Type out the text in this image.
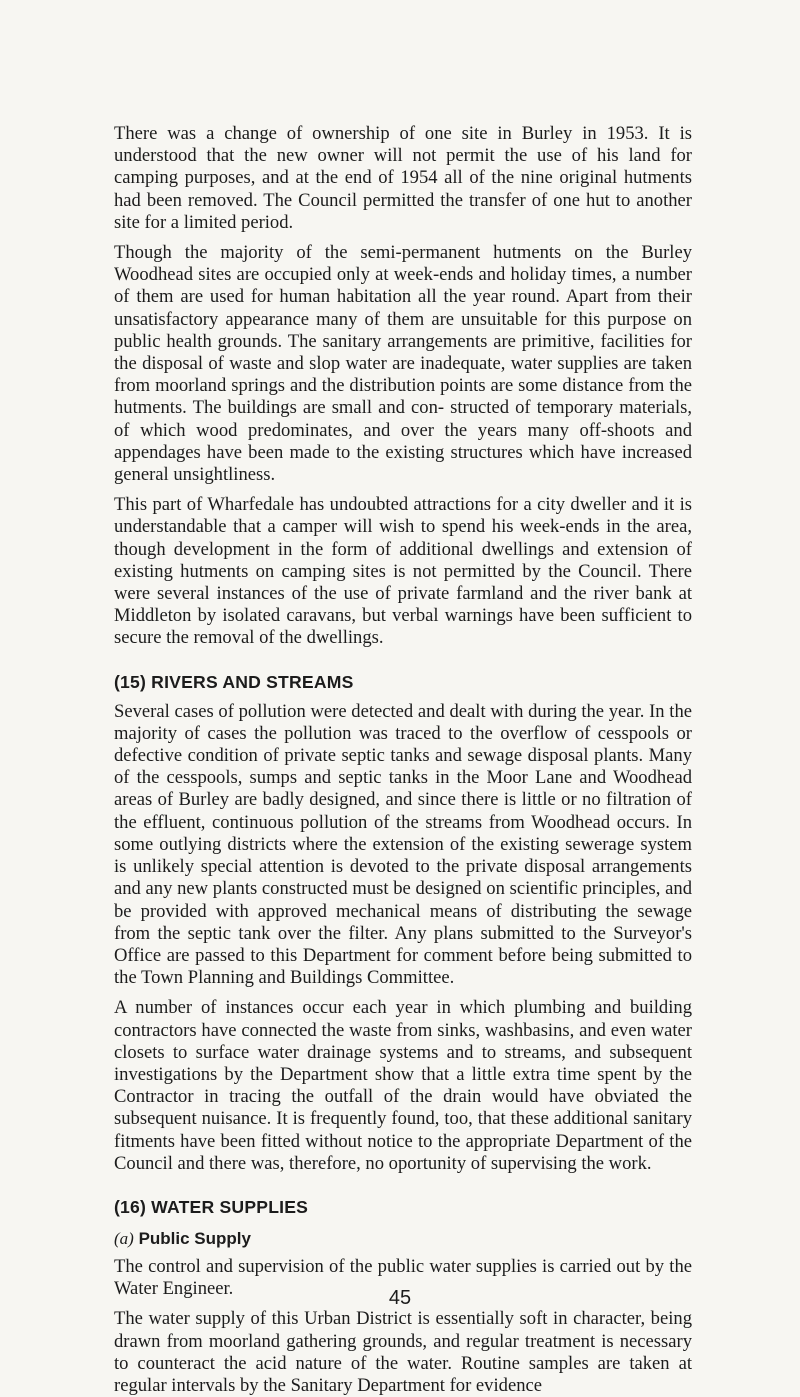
There was a change of ownership of one site in Burley in 1953. It is understood that the new owner will not permit the use of his land for camping purposes, and at the end of 1954 all of the nine original hutments had been removed. The Council permitted the transfer of one hut to another site for a limited period.

Though the majority of the semi-permanent hutments on the Burley Woodhead sites are occupied only at week-ends and holiday times, a number of them are used for human habitation all the year round. Apart from their unsatisfactory appearance many of them are unsuitable for this purpose on public health grounds. The sanitary arrangements are primitive, facilities for the disposal of waste and slop water are inadequate, water supplies are taken from moorland springs and the distribution points are some distance from the hutments. The buildings are small and con- structed of temporary materials, of which wood predominates, and over the years many off-shoots and appendages have been made to the existing structures which have increased general unsightliness.

This part of Wharfedale has undoubted attractions for a city dweller and it is understandable that a camper will wish to spend his week-ends in the area, though development in the form of additional dwellings and extension of existing hutments on camping sites is not permitted by the Council. There were several instances of the use of private farmland and the river bank at Middleton by isolated caravans, but verbal warnings have been sufficient to secure the removal of the dwellings.

(15) RIVERS AND STREAMS

Several cases of pollution were detected and dealt with during the year. In the majority of cases the pollution was traced to the overflow of cesspools or defective condition of private septic tanks and sewage disposal plants. Many of the cesspools, sumps and septic tanks in the Moor Lane and Woodhead areas of Burley are badly designed, and since there is little or no filtration of the effluent, continuous pollution of the streams from Woodhead occurs. In some outlying districts where the extension of the existing sewerage system is unlikely special attention is devoted to the private disposal arrangements and any new plants constructed must be designed on scientific principles, and be provided with approved mechanical means of distributing the sewage from the septic tank over the filter. Any plans submitted to the Surveyor's Office are passed to this Department for comment before being submitted to the Town Planning and Buildings Committee.

A number of instances occur each year in which plumbing and building contractors have connected the waste from sinks, washbasins, and even water closets to surface water drainage systems and to streams, and subsequent investigations by the Department show that a little extra time spent by the Contractor in tracing the outfall of the drain would have obviated the subsequent nuisance. It is frequently found, too, that these additional sanitary fitments have been fitted without notice to the appropriate Department of the Council and there was, therefore, no oportunity of supervising the work.

(16) WATER SUPPLIES
(a) Public Supply

The control and supervision of the public water supplies is carried out by the Water Engineer.

The water supply of this Urban District is essentially soft in character, being drawn from moorland gathering grounds, and regular treatment is necessary to counteract the acid nature of the water. Routine samples are taken at regular intervals by the Sanitary Department for evidence

45
